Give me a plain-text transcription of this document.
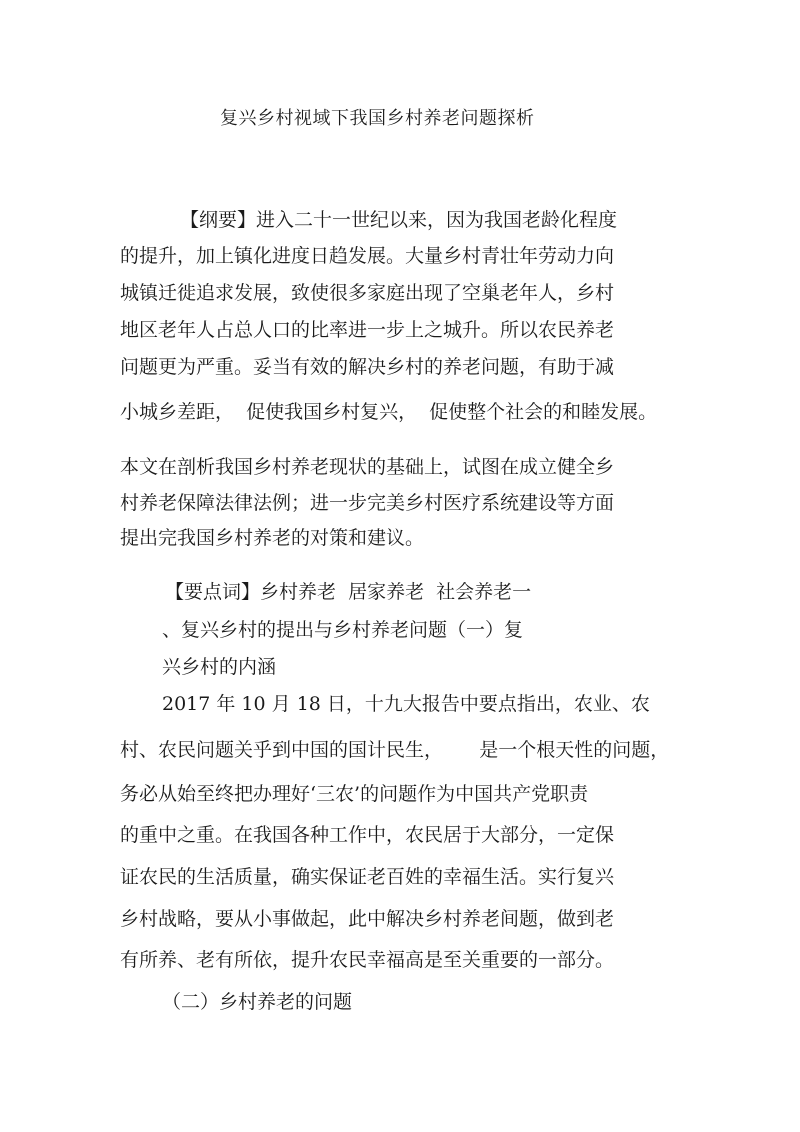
复兴乡村视域下我国乡村养老问题探析
【纲要】进入二十一世纪以来，因为我国老龄化程度
的提升，加上镇化进度日趋发展。大量乡村青壮年劳动力向
城镇迁徙追求发展，致使很多家庭出现了空巢老年人，乡村
地区老年人占总人口的比率进一步上之城升。所以农民养老
问题更为严重。妥当有效的解决乡村的养老问题，有助于减
小城乡差距，  促使我国乡村复兴，  促使整个社会的和睦发展。
本文在剖析我国乡村养老现状的基础上，试图在成立健全乡
村养老保障法律法例；进一步完美乡村医疗系统建设等方面
提出完我国乡村养老的对策和建议。
【要点词】乡村养老  居家养老  社会养老一
、复兴乡村的提出与乡村养老问题（一）复
兴乡村的内涵
2017 年 10 月 18 日，十九大报告中要点指出，农业、农
村、农民问题关乎到中国的国计民生，      是一个根天性的问题，
务必从始至终把办理好‘三农’的问题作为中国共产党职责
的重中之重。在我国各种工作中，农民居于大部分，一定保
证农民的生活质量，确实保证老百姓的幸福生活。实行复兴
乡村战略，要从小事做起，此中解决乡村养老间题，做到老
有所养、老有所依，提升农民幸福高是至关重要的一部分。
（二）乡村养老的问题
